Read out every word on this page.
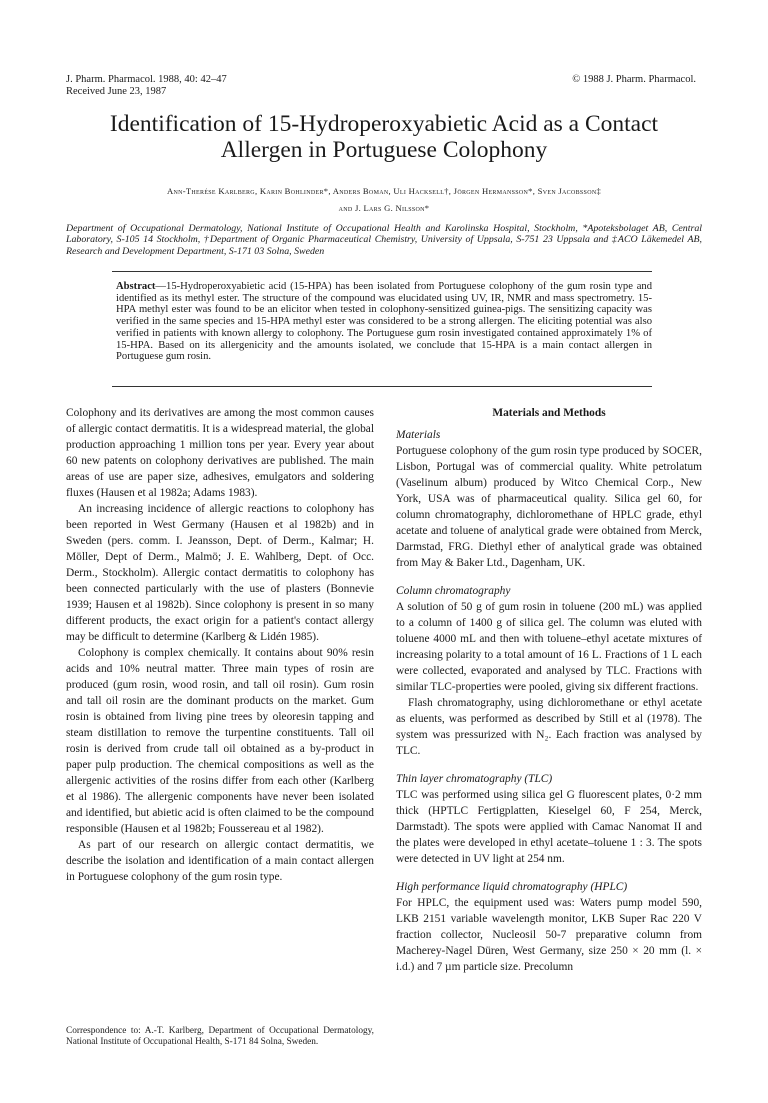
J. Pharm. Pharmacol. 1988, 40: 42–47
Received June 23, 1987
© 1988 J. Pharm. Pharmacol.
Identification of 15-Hydroperoxyabietic Acid as a Contact
Allergen in Portuguese Colophony
Ann-Therése Karlberg, Karin Bohlinder*, Anders Boman, Uli Hacksell†, Jörgen Hermansson*, Sven Jacobsson‡
and J. Lars G. Nilsson*
Department of Occupational Dermatology, National Institute of Occupational Health and Karolinska Hospital, Stockholm, *Apoteksbolaget AB, Central Laboratory, S-105 14 Stockholm, †Department of Organic Pharmaceutical Chemistry, University of Uppsala, S-751 23 Uppsala and ‡ACO Läkemedel AB, Research and Development Department, S-171 03 Solna, Sweden
Abstract—15-Hydroperoxyabietic acid (15-HPA) has been isolated from Portuguese colophony of the gum rosin type and identified as its methyl ester. The structure of the compound was elucidated using UV, IR, NMR and mass spectrometry. 15-HPA methyl ester was found to be an elicitor when tested in colophony-sensitized guinea-pigs. The sensitizing capacity was verified in the same species and 15-HPA methyl ester was considered to be a strong allergen. The eliciting potential was also verified in patients with known allergy to colophony. The Portuguese gum rosin investigated contained approximately 1% of 15-HPA. Based on its allergenicity and the amounts isolated, we conclude that 15-HPA is a main contact allergen in Portuguese gum rosin.

Colophony and its derivatives are among the most common causes of allergic contact dermatitis. It is a widespread material, the global production approaching 1 million tons per year. Every year about 60 new patents on colophony derivatives are published. The main areas of use are paper size, adhesives, emulgators and soldering fluxes (Hausen et al 1982a; Adams 1983).

An increasing incidence of allergic reactions to colophony has been reported in West Germany (Hausen et al 1982b) and in Sweden (pers. comm. I. Jeansson, Dept. of Derm., Kalmar; H. Möller, Dept of Derm., Malmö; J. E. Wahlberg, Dept. of Occ. Derm., Stockholm). Allergic contact dermatitis to colophony has been connected particularly with the use of plasters (Bonnevie 1939; Hausen et al 1982b). Since colophony is present in so many different products, the exact origin for a patient's contact allergy may be difficult to determine (Karlberg & Lidén 1985).

Colophony is complex chemically. It contains about 90% resin acids and 10% neutral matter. Three main types of rosin are produced (gum rosin, wood rosin, and tall oil rosin). Gum rosin and tall oil rosin are the dominant products on the market. Gum rosin is obtained from living pine trees by oleoresin tapping and steam distillation to remove the turpentine constituents. Tall oil rosin is derived from crude tall oil obtained as a by-product in paper pulp production. The chemical compositions as well as the allergenic activities of the rosins differ from each other (Karlberg et al 1986). The allergenic components have never been isolated and identified, but abietic acid is often claimed to be the compound responsible (Hausen et al 1982b; Foussereau et al 1982).

As part of our research on allergic contact dermatitis, we describe the isolation and identification of a main contact allergen in Portuguese colophony of the gum rosin type.

Correspondence to: A.-T. Karlberg, Department of Occupational Dermatology, National Institute of Occupational Health, S-171 84 Solna, Sweden.
Materials and Methods
Materials

Portuguese colophony of the gum rosin type produced by SOCER, Lisbon, Portugal was of commercial quality. White petrolatum (Vaselinum album) produced by Witco Chemical Corp., New York, USA was of pharmaceutical quality. Silica gel 60, for column chromatography, dichloromethane of HPLC grade, ethyl acetate and toluene of analytical grade were obtained from Merck, Darmstad, FRG. Diethyl ether of analytical grade was obtained from May & Baker Ltd., Dagenham, UK.

Column chromatography

A solution of 50 g of gum rosin in toluene (200 mL) was applied to a column of 1400 g of silica gel. The column was eluted with toluene 4000 mL and then with toluene–ethyl acetate mixtures of increasing polarity to a total amount of 16 L. Fractions of 1 L each were collected, evaporated and analysed by TLC. Fractions with similar TLC-properties were pooled, giving six different fractions.

Flash chromatography, using dichloromethane or ethyl acetate as eluents, was performed as described by Still et al (1978). The system was pressurized with N₂. Each fraction was analysed by TLC.

Thin layer chromatography (TLC)

TLC was performed using silica gel G fluorescent plates, 0·2 mm thick (HPTLC Fertigplatten, Kieselgel 60, F 254, Merck, Darmstadt). The spots were applied with Camac Nanomat II and the plates were developed in ethyl acetate–toluene 1 : 3. The spots were detected in UV light at 254 nm.

High performance liquid chromatography (HPLC)

For HPLC, the equipment used was: Waters pump model 590, LKB 2151 variable wavelength monitor, LKB Super Rac 220 V fraction collector, Nucleosil 50-7 preparative column from Macherey-Nagel Düren, West Germany, size 250 × 20 mm (l. × i.d.) and 7 µm particle size. Precolumn
